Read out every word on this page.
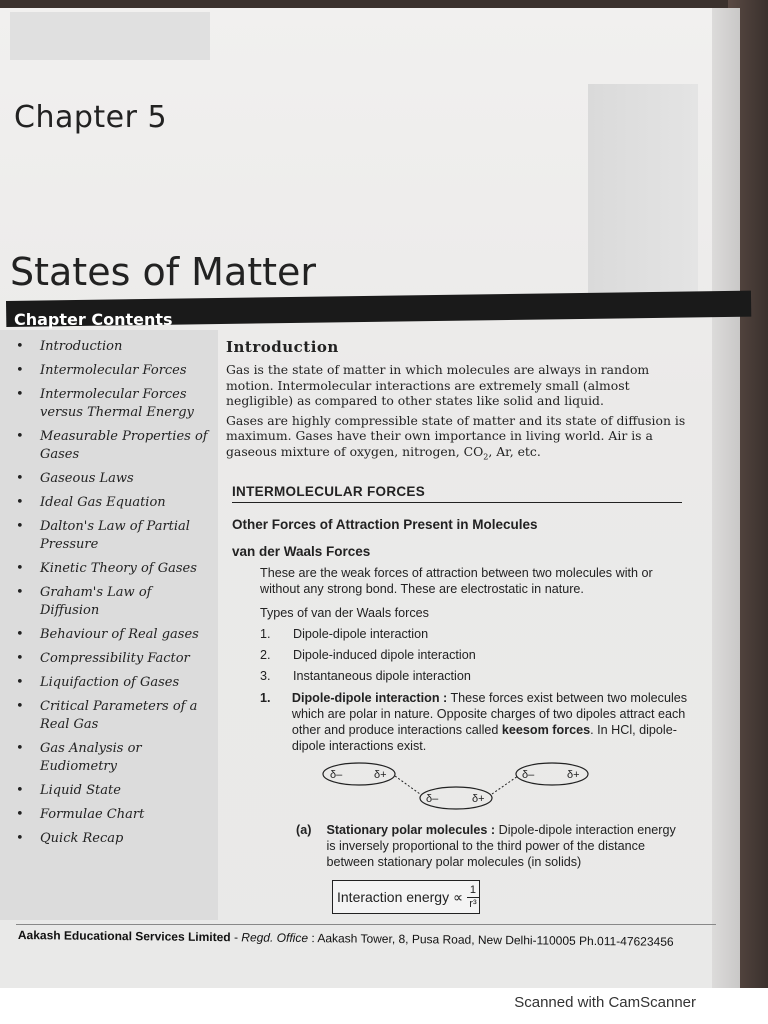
Chapter 5
States of Matter
Chapter Contents
• Introduction
• Intermolecular Forces
• Intermolecular Forces versus Thermal Energy
• Measurable Properties of Gases
• Gaseous Laws
• Ideal Gas Equation
• Dalton's Law of Partial Pressure
• Kinetic Theory of Gases
• Graham's Law of Diffusion
• Behaviour of Real gases
• Compressibility Factor
• Liquifaction of Gases
• Critical Parameters of a Real Gas
• Gas Analysis or Eudiometry
• Liquid State
• Formulae Chart
• Quick Recap
Introduction

Gas is the state of matter in which molecules are always in random motion. Intermolecular interactions are extremely small (almost negligible) as compared to other states like solid and liquid.

Gases are highly compressible state of matter and its state of diffusion is maximum. Gases have their own importance in living world. Air is a gaseous mixture of oxygen, nitrogen, $CO_2$, Ar, etc.

INTERMOLECULAR FORCES
Other Forces of Attraction Present in Molecules
van der Waals Forces

These are the weak forces of attraction between two molecules with or without any strong bond. These are electrostatic in nature.

Types of van der Waals forces

1.	Dipole-dipole interaction
2.	Dipole-induced dipole interaction
3.	Instantaneous dipole interaction
1.	Dipole-dipole interaction : These forces exist between two molecules which are polar in nature. Opposite charges of two dipoles attract each other and produce interactions called keesom forces. In HCl, dipole-dipole interactions exist.
δ–	δ+
δ–	δ+
δ–	δ+
(a)	Stationary polar molecules : Dipole-dipole interaction energy is inversely proportional to the third power of the distance between stationary polar molecules (in solids)
Interaction energy ∝ $\frac{1}{\text{r³}}$
Aakash Educational Services Limited - Regd. Office : Aakash Tower, 8, Pusa Road, New Delhi-110005 Ph.011-47623456
Scanned with CamScanner
